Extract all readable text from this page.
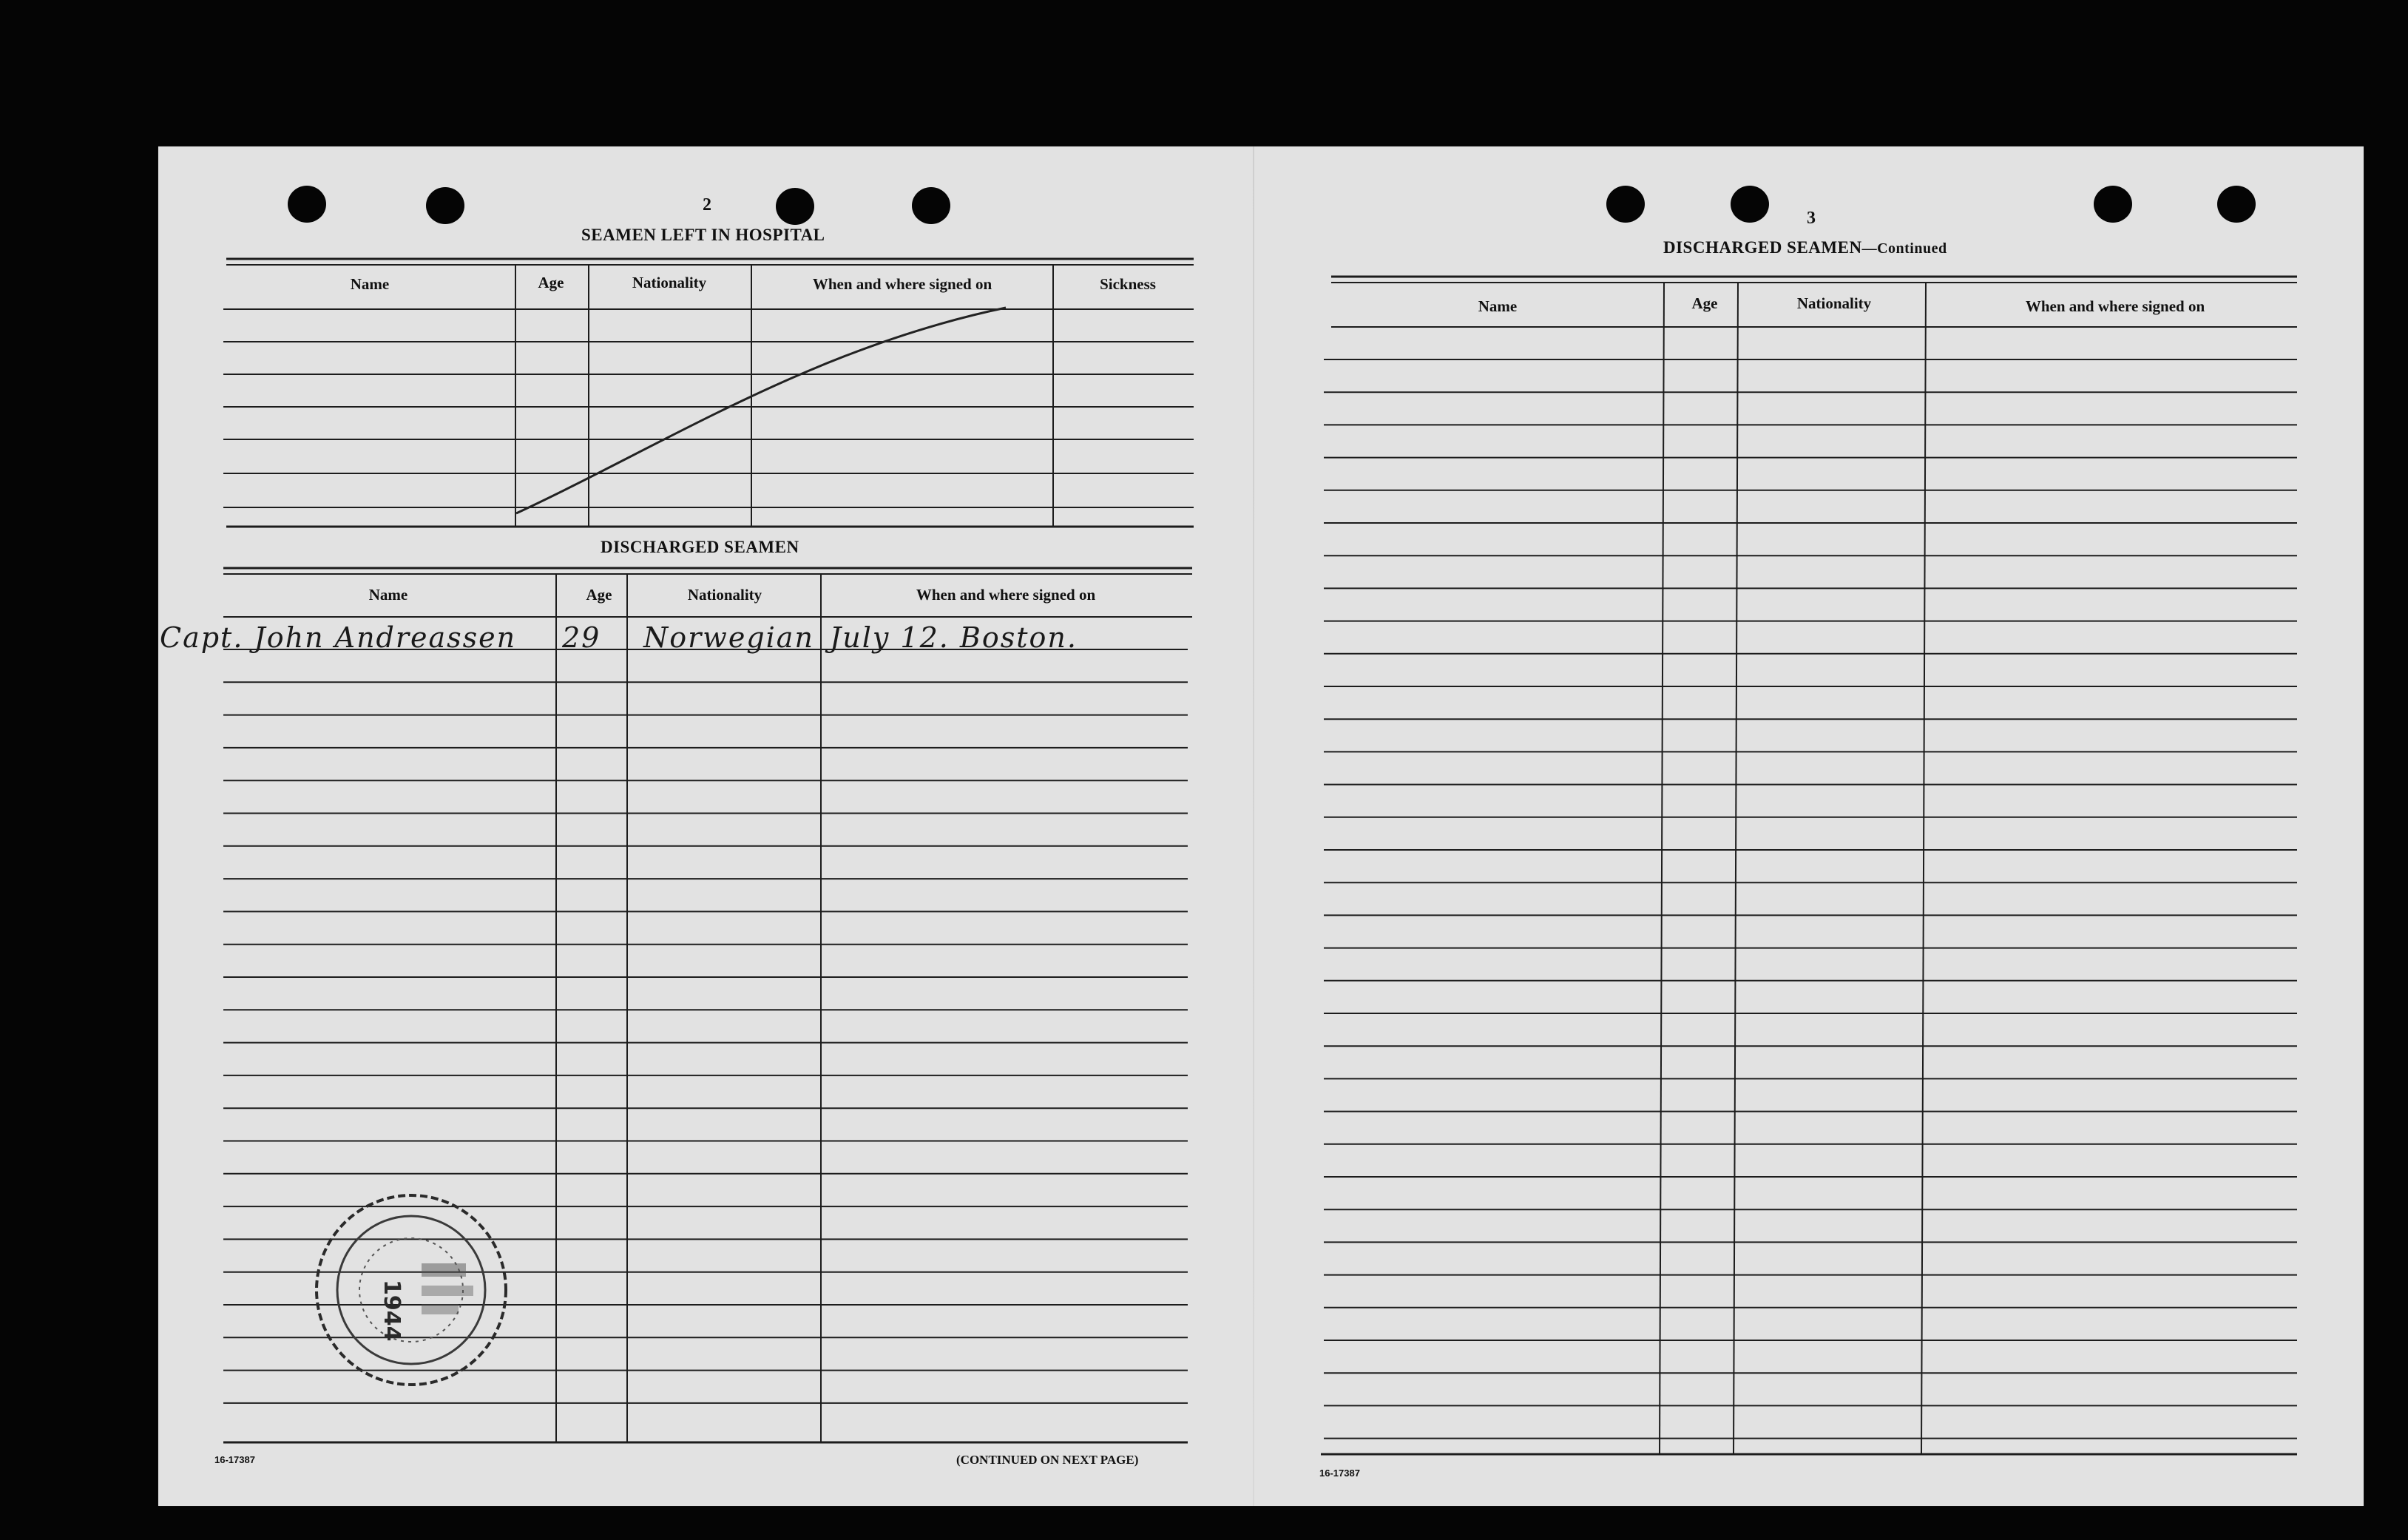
2
SEAMEN LEFT IN HOSPITAL
Name	Age	Nationality	When and where signed on	Sickness
DISCHARGED SEAMEN
Name	Age	Nationality	When and where signed on
Capt. John Andreassen 29 Norwegian July 12. Boston.
16-17387	(CONTINUED ON NEXT PAGE)
3
DISCHARGED SEAMEN—Continued
Name	Age	Nationality	When and where signed on
16-17387
1944
